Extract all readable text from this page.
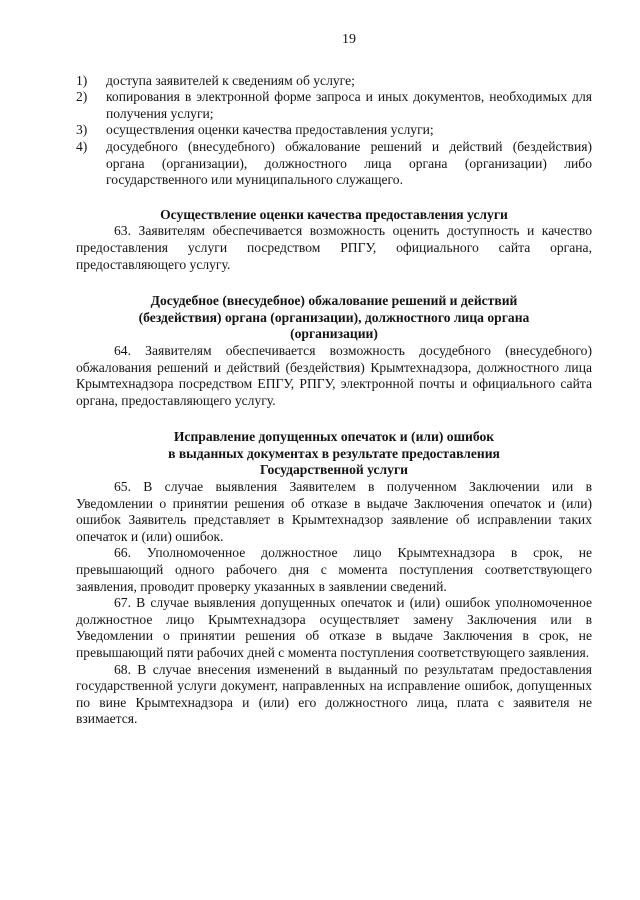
19
1)	доступа заявителей к сведениям об услуге;
2)	копирования в электронной форме запроса и иных документов, необходимых для получения услуги;
3)	осуществления оценки качества предоставления услуги;
4)	досудебного (внесудебного) обжалование решений и действий (бездействия) органа (организации), должностного лица органа (организации) либо государственного или муниципального служащего.
Осуществление оценки качества предоставления услуги

63. Заявителям обеспечивается возможность оценить доступность и качество предоставления услуги посредством РПГУ, официального сайта органа, предоставляющего услугу.

Досудебное (внесудебное) обжалование решений и действий
(бездействия) органа (организации), должностного лица органа
(организации)

64. Заявителям обеспечивается возможность досудебного (внесудебного) обжалования решений и действий (бездействия) Крымтехнадзора, должностного лица Крымтехнадзора посредством ЕПГУ, РПГУ, электронной почты и официального сайта органа, предоставляющего услугу.

Исправление допущенных опечаток и (или) ошибок
в выданных документах в результате предоставления
Государственной услуги

65. В случае выявления Заявителем в полученном Заключении или в Уведомлении о принятии решения об отказе в выдаче Заключения опечаток и (или) ошибок Заявитель представляет в Крымтехнадзор заявление об исправлении таких опечаток и (или) ошибок.

66. Уполномоченное должностное лицо Крымтехнадзора в срок, не превышающий одного рабочего дня с момента поступления соответствующего заявления, проводит проверку указанных в заявлении сведений.

67. В случае выявления допущенных опечаток и (или) ошибок уполномоченное должностное лицо Крымтехнадзора осуществляет замену Заключения или в Уведомлении о принятии решения об отказе в выдаче Заключения в срок, не превышающий пяти рабочих дней с момента поступления соответствующего заявления.

68. В случае внесения изменений в выданный по результатам предоставления государственной услуги документ, направленных на исправление ошибок, допущенных по вине Крымтехнадзора и (или) его должностного лица, плата с заявителя не взимается.
